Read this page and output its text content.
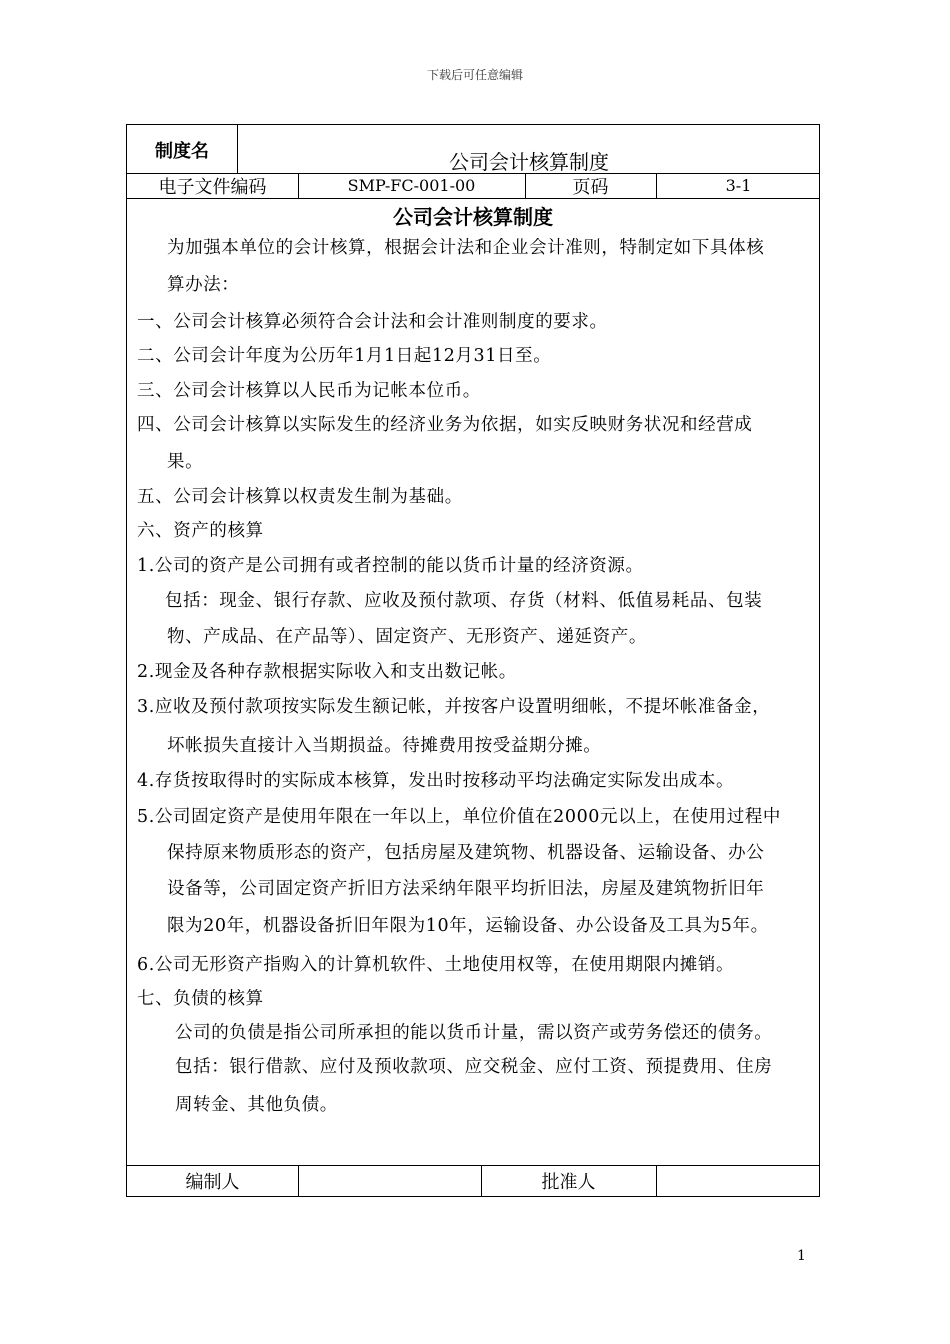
下载后可任意编辑
制度名	公司会计核算制度
电子文件编码	SMP-FC-001-00	页码	3-1
公司会计核算制度
为加强本单位的会计核算，根据会计法和企业会计准则，特制定如下具体核
算办法：
一、公司会计核算必须符合会计法和会计准则制度的要求。
二、公司会计年度为公历年1月1日起12月31日至。
三、公司会计核算以人民币为记帐本位币。
四、公司会计核算以实际发生的经济业务为依据，如实反映财务状况和经营成
果。
五、公司会计核算以权责发生制为基础。
六、资产的核算
1.公司的资产是公司拥有或者控制的能以货币计量的经济资源。
包括：现金、银行存款、应收及预付款项、存货（材料、低值易耗品、包装
物、产成品、在产品等）、固定资产、无形资产、递延资产。
2.现金及各种存款根据实际收入和支出数记帐。
3.应收及预付款项按实际发生额记帐，并按客户设置明细帐，不提坏帐准备金，
坏帐损失直接计入当期损益。待摊费用按受益期分摊。
4.存货按取得时的实际成本核算，发出时按移动平均法确定实际发出成本。
5.公司固定资产是使用年限在一年以上，单位价值在2000元以上，在使用过程中
保持原来物质形态的资产，包括房屋及建筑物、机器设备、运输设备、办公
设备等，公司固定资产折旧方法采纳年限平均折旧法，房屋及建筑物折旧年
限为20年，机器设备折旧年限为10年，运输设备、办公设备及工具为5年。
6.公司无形资产指购入的计算机软件、土地使用权等，在使用期限内摊销。
七、负债的核算
公司的负债是指公司所承担的能以货币计量，需以资产或劳务偿还的债务。
包括：银行借款、应付及预收款项、应交税金、应付工资、预提费用、住房
周转金、其他负债。
编制人	批准人
1
